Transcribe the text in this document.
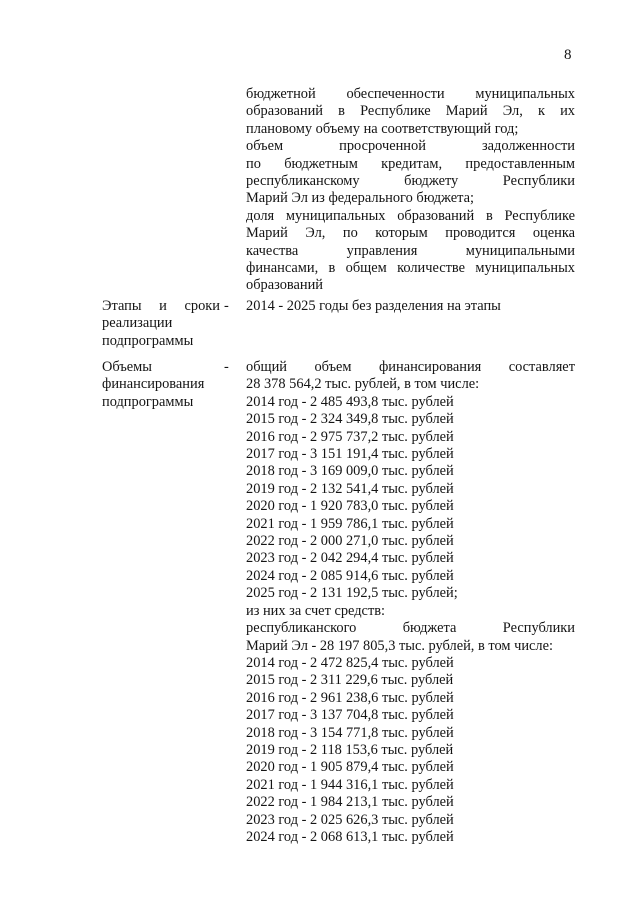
8
бюджетной обеспеченности муниципальных
образований в Республике Марий Эл, к их
плановому объему на соответствующий год;
объем просроченной задолженности
по бюджетным кредитам, предоставленным
республиканскому бюджету Республики
Марий Эл из федерального бюджета;
доля муниципальных образований в Республике
Марий Эл, по которым проводится оценка
качества управления муниципальными
финансами, в общем количестве муниципальных
образований
Этапы и сроки
реализации
подпрограммы
- 2014 - 2025 годы без разделения на этапы
Объемы
финансирования
подпрограммы
- общий объем финансирования составляет
28 378 564,2 тыс. рублей, в том числе:
2014 год - 2 485 493,8 тыс. рублей
2015 год - 2 324 349,8 тыс. рублей
2016 год - 2 975 737,2 тыс. рублей
2017 год - 3 151 191,4 тыс. рублей
2018 год - 3 169 009,0 тыс. рублей
2019 год - 2 132 541,4 тыс. рублей
2020 год - 1 920 783,0 тыс. рублей
2021 год - 1 959 786,1 тыс. рублей
2022 год - 2 000 271,0 тыс. рублей
2023 год - 2 042 294,4 тыс. рублей
2024 год - 2 085 914,6 тыс. рублей
2025 год - 2 131 192,5 тыс. рублей;
из них за счет средств:
республиканского бюджета Республики
Марий Эл - 28 197 805,3 тыс. рублей, в том числе:
2014 год - 2 472 825,4 тыс. рублей
2015 год - 2 311 229,6 тыс. рублей
2016 год - 2 961 238,6 тыс. рублей
2017 год - 3 137 704,8 тыс. рублей
2018 год - 3 154 771,8 тыс. рублей
2019 год - 2 118 153,6 тыс. рублей
2020 год - 1 905 879,4 тыс. рублей
2021 год - 1 944 316,1 тыс. рублей
2022 год - 1 984 213,1 тыс. рублей
2023 год - 2 025 626,3 тыс. рублей
2024 год - 2 068 613,1 тыс. рублей
